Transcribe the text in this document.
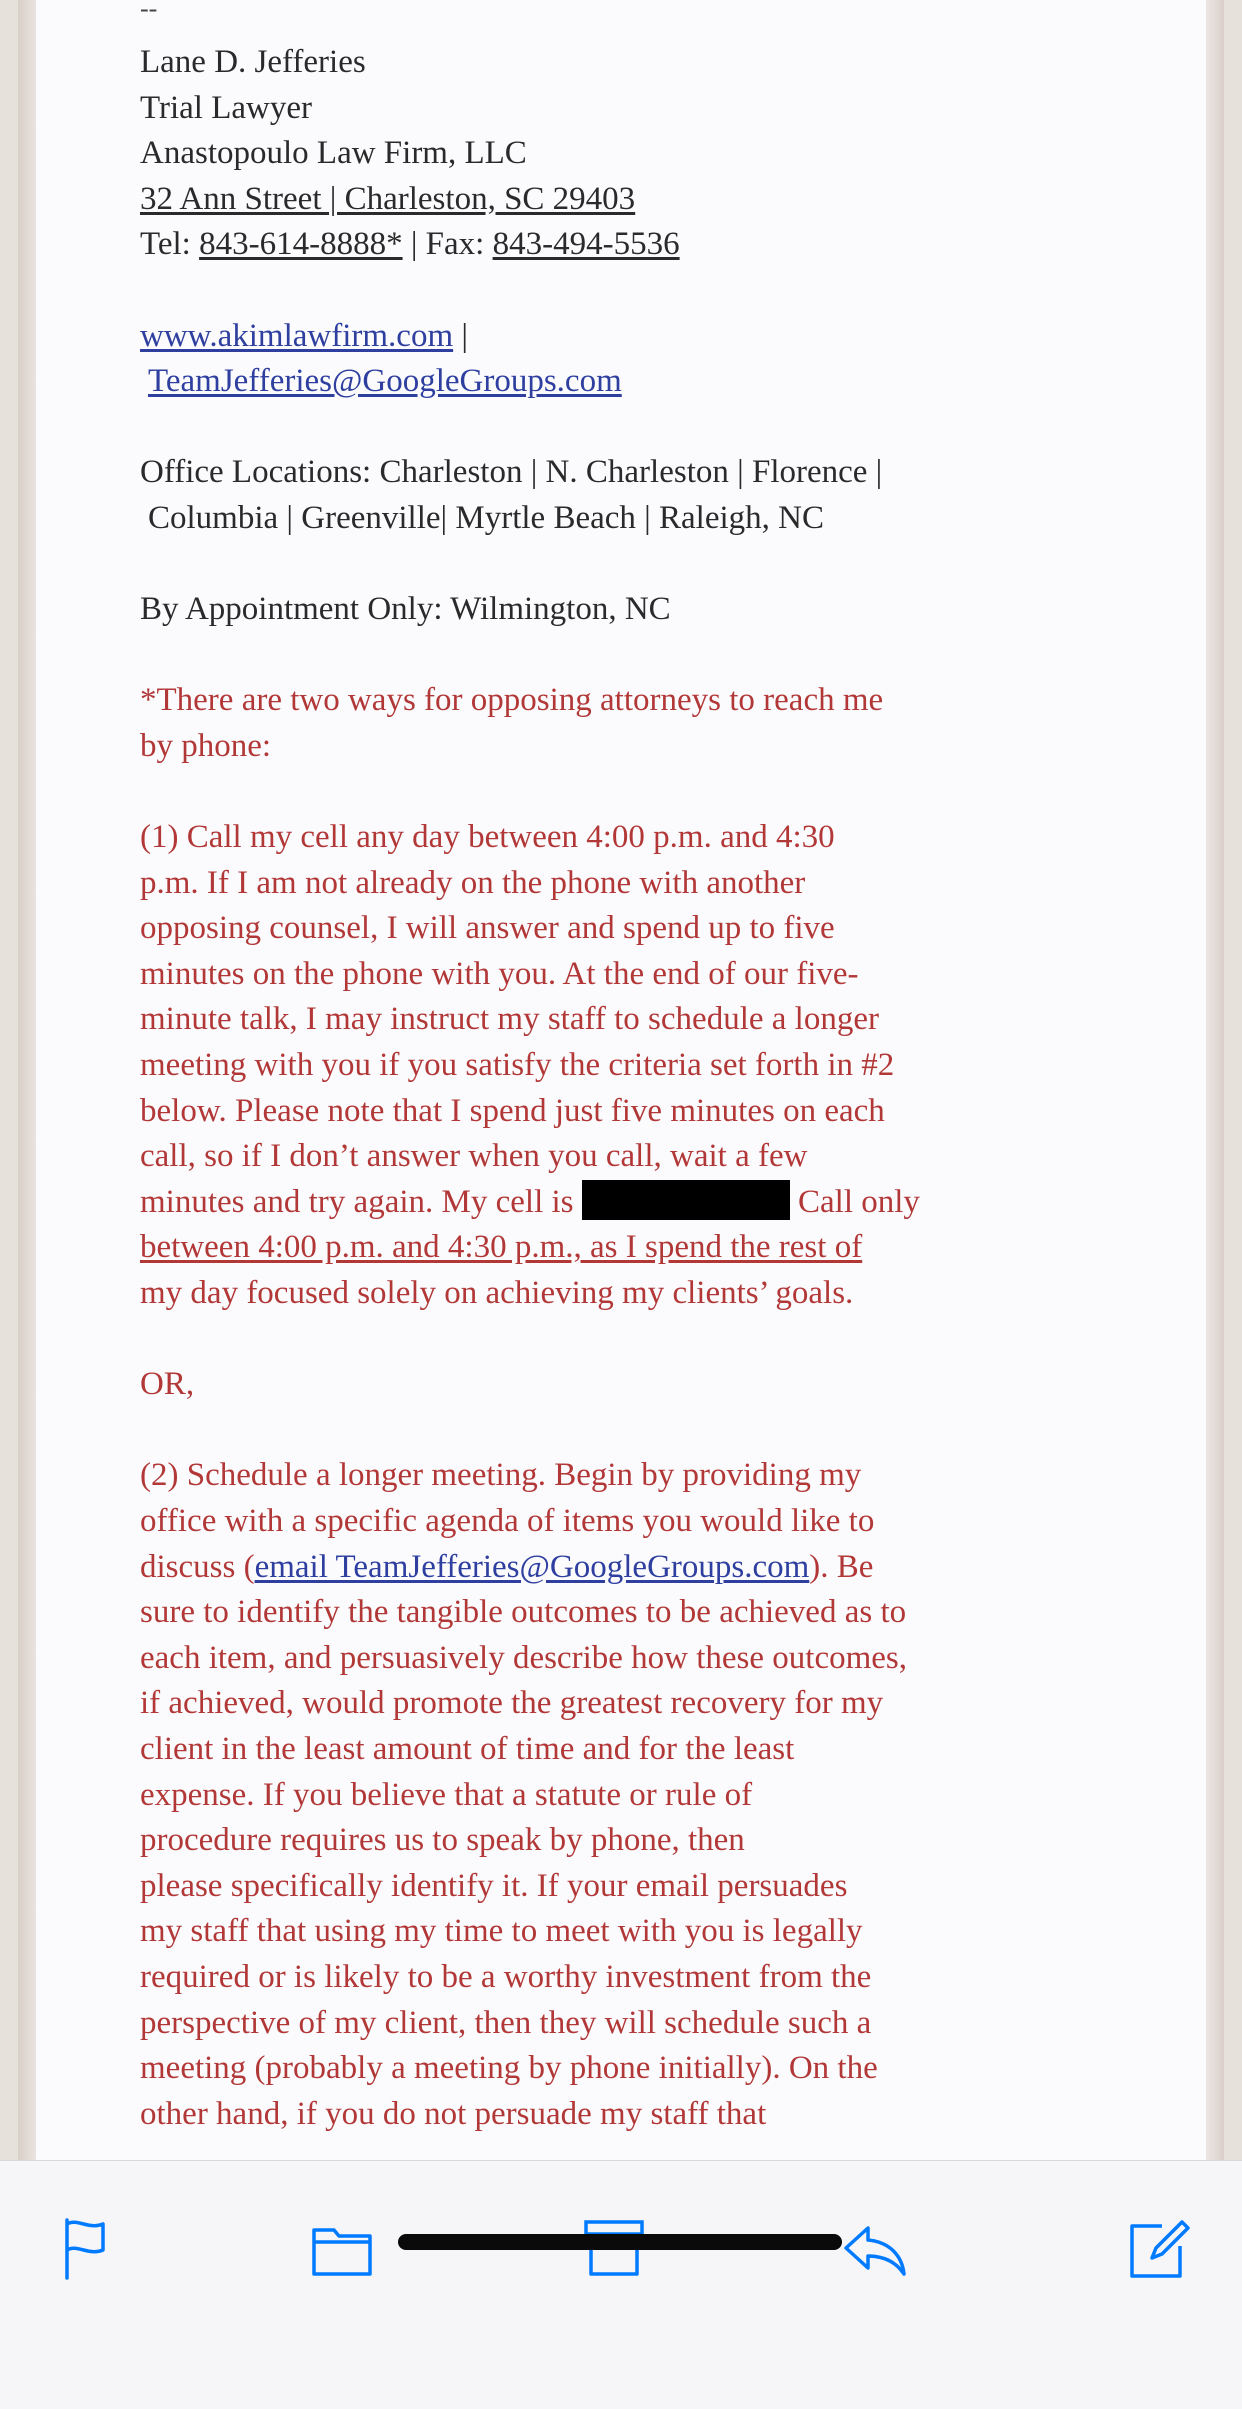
--

Lane D. Jefferies

Trial Lawyer

Anastopoulo Law Firm, LLC

32 Ann Street | Charleston, SC 29403

Tel: 843-614-8888* | Fax: 843-494-5536

www.akimlawfirm.com |

TeamJefferies@GoogleGroups.com

Office Locations: Charleston | N. Charleston | Florence |

Columbia | Greenville| Myrtle Beach | Raleigh, NC

By Appointment Only: Wilmington, NC

*There are two ways for opposing attorneys to reach me

by phone:

(1) Call my cell any day between 4:00 p.m. and 4:30

p.m. If I am not already on the phone with another

opposing counsel, I will answer and spend up to five

minutes on the phone with you. At the end of our five-

minute talk, I may instruct my staff to schedule a longer

meeting with you if you satisfy the criteria set forth in #2

below. Please note that I spend just five minutes on each

call, so if I don’t answer when you call, wait a few

minutes and try again. My cell is	Call only

between 4:00 p.m. and 4:30 p.m., as I spend the rest of

my day focused solely on achieving my clients’ goals.

OR,

(2) Schedule a longer meeting. Begin by providing my

office with a specific agenda of items you would like to

discuss (email TeamJefferies@GoogleGroups.com). Be

sure to identify the tangible outcomes to be achieved as to

each item, and persuasively describe how these outcomes,

if achieved, would promote the greatest recovery for my

client in the least amount of time and for the least

expense. If you believe that a statute or rule of

procedure requires us to speak by phone, then

please specifically identify it. If your email persuades

my staff that using my time to meet with you is legally

required or is likely to be a worthy investment from the

perspective of my client, then they will schedule such a

meeting (probably a meeting by phone initially). On the

other hand, if you do not persuade my staff that
